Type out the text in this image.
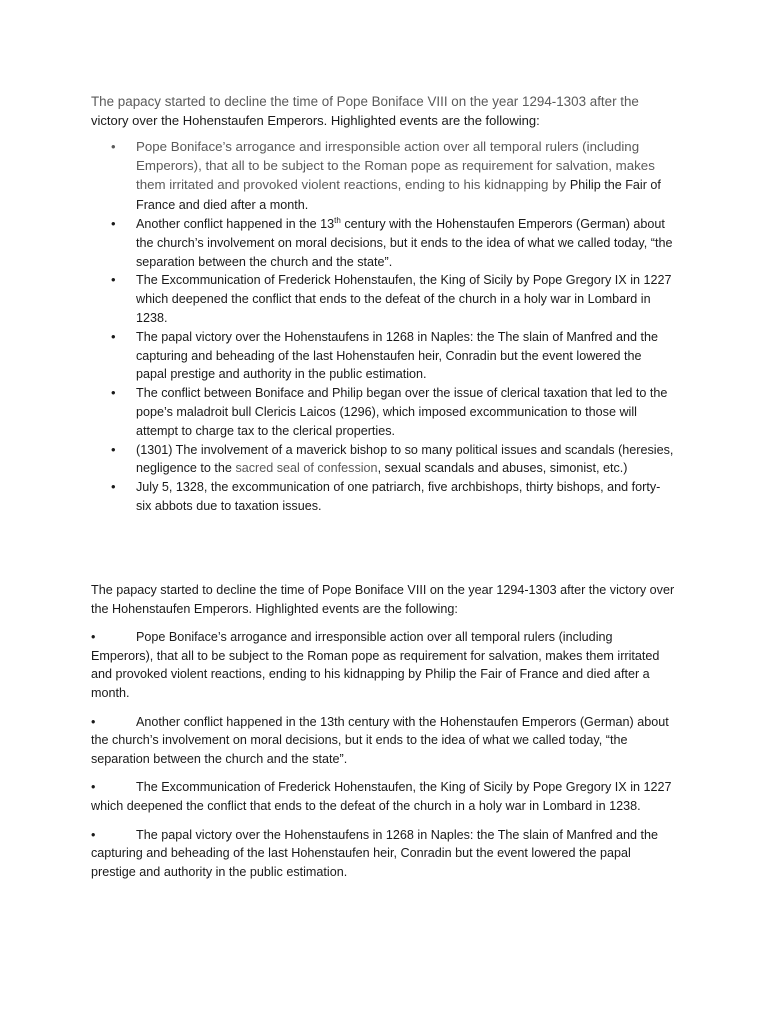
The papacy started to decline the time of Pope Boniface VIII on the year 1294-1303 after the
victory over the Hohenstaufen Emperors. Highlighted events are the following:

• Pope Boniface’s arrogance and irresponsible action over all temporal rulers (including Emperors), that all to be subject to the Roman pope as requirement for salvation, makes them irritated and provoked violent reactions, ending to his kidnapping by Philip the Fair of France and died after a month.
• Another conflict happened in the 13th century with the Hohenstaufen Emperors (German) about the church’s involvement on moral decisions, but it ends to the idea of what we called today, “the separation between the church and the state”.
• The Excommunication of Frederick Hohenstaufen, the King of Sicily by Pope Gregory IX in 1227 which deepened the conflict that ends to the defeat of the church in a holy war in Lombard in 1238.
• The papal victory over the Hohenstaufens in 1268 in Naples: the The slain of Manfred and the capturing and beheading of the last Hohenstaufen heir, Conradin but the event lowered the papal prestige and authority in the public estimation.
• The conflict between Boniface and Philip began over the issue of clerical taxation that led to the pope’s maladroit bull Clericis Laicos (1296), which imposed excommunication to those will attempt to charge tax to the clerical properties.
• (1301) The involvement of a maverick bishop to so many political issues and scandals (heresies, negligence to the sacred seal of confession, sexual scandals and abuses, simonist, etc.)
• July 5, 1328, the excommunication of one patriarch, five archbishops, thirty bishops, and forty-six abbots due to taxation issues.

The papacy started to decline the time of Pope Boniface VIII on the year 1294-1303 after the victory over the Hohenstaufen Emperors. Highlighted events are the following:

•	Pope Boniface’s arrogance and irresponsible action over all temporal rulers (including Emperors), that all to be subject to the Roman pope as requirement for salvation, makes them irritated and provoked violent reactions, ending to his kidnapping by Philip the Fair of France and died after a month.

•	Another conflict happened in the 13th century with the Hohenstaufen Emperors (German) about the church’s involvement on moral decisions, but it ends to the idea of what we called today, “the separation between the church and the state”.

•	The Excommunication of Frederick Hohenstaufen, the King of Sicily by Pope Gregory IX in 1227 which deepened the conflict that ends to the defeat of the church in a holy war in Lombard in 1238.

•	The papal victory over the Hohenstaufens in 1268 in Naples: the The slain of Manfred and the capturing and beheading of the last Hohenstaufen heir, Conradin but the event lowered the papal prestige and authority in the public estimation.
